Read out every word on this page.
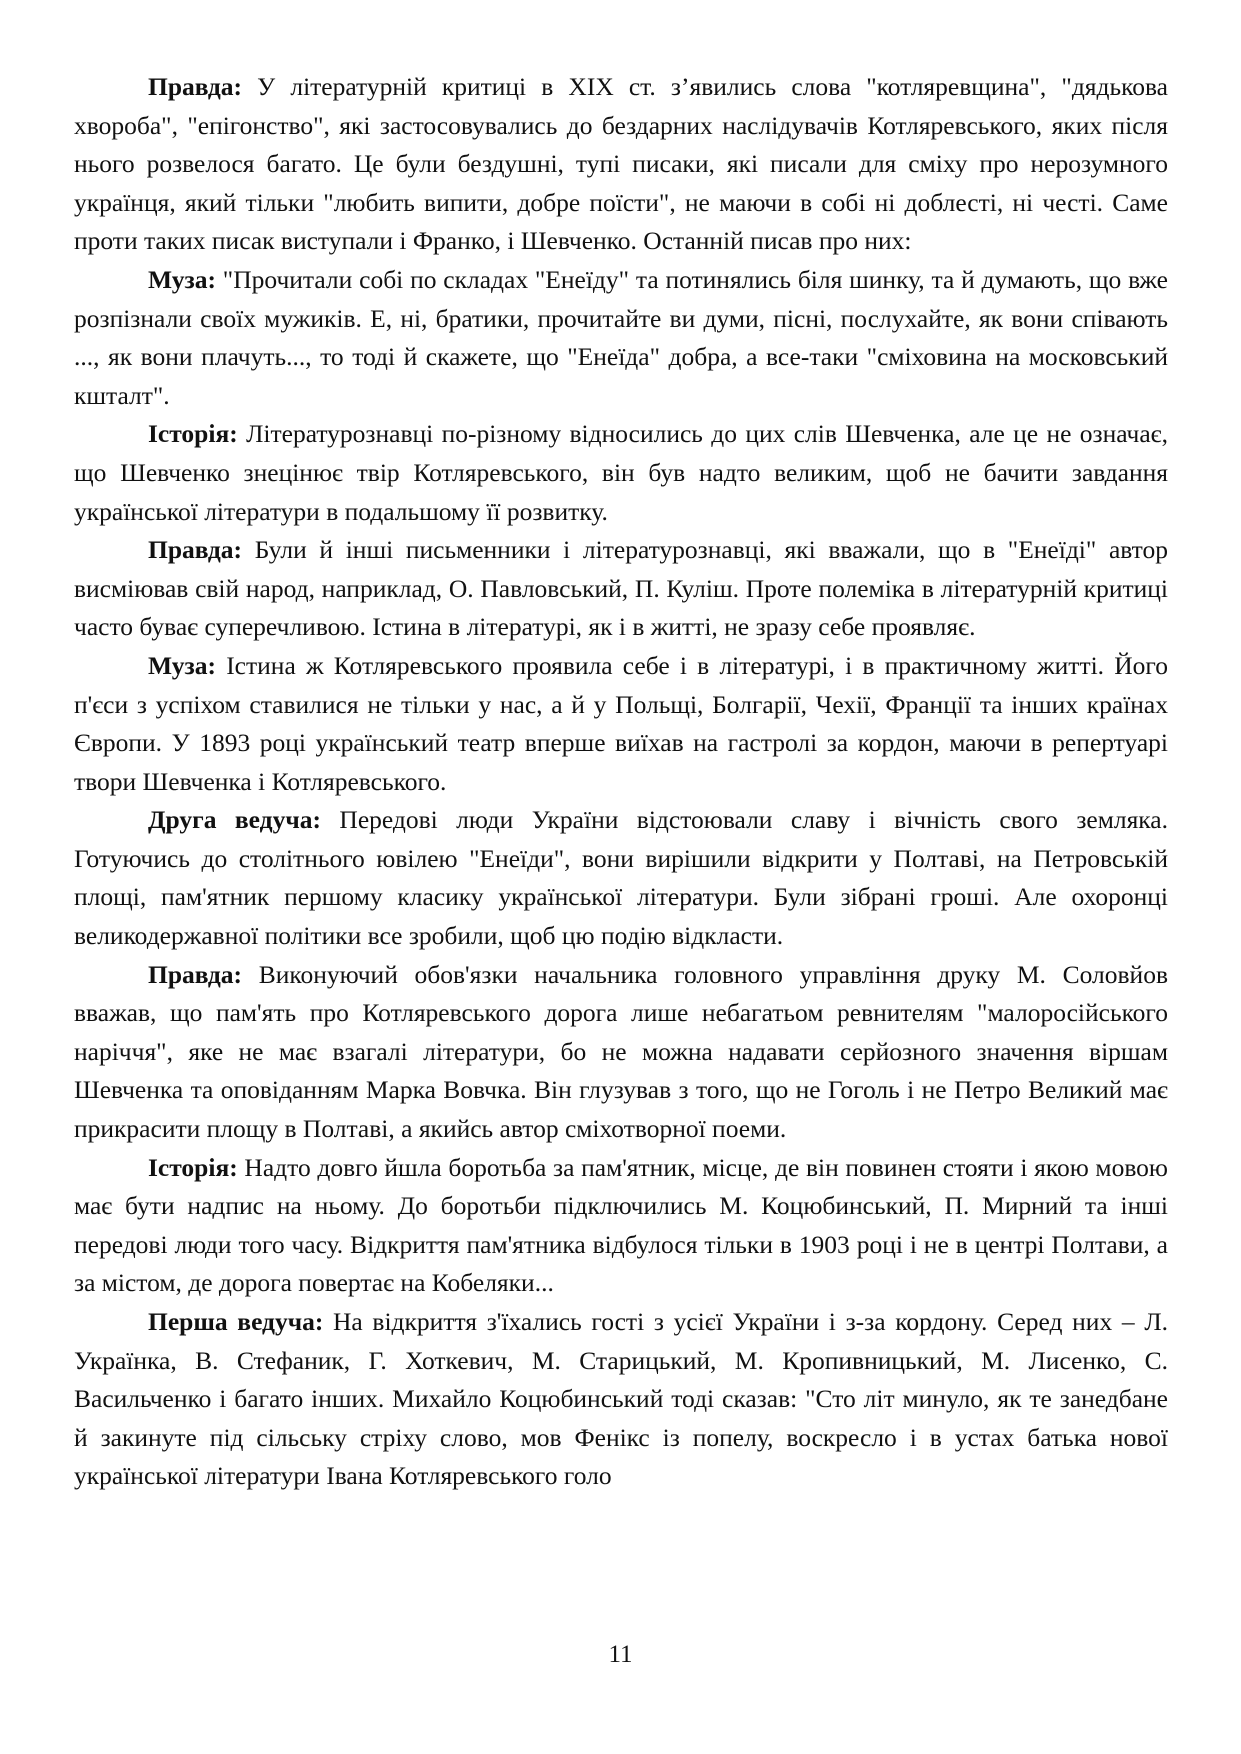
Правда: У літературній критиці в XIX ст. з’явились слова "котляревщина", "дядькова хвороба", "епігонство", які застосовувались до бездарних наслідувачів Котляревського, яких після нього розвелося багато. Це були бездушні, тупі писаки, які писали для сміху про нерозумного українця, який тільки "любить випити, добре поїсти", не маючи в собі ні доблесті, ні честі. Саме проти таких писак виступали і Франко, і Шевченко. Останній писав про них:

Муза: "Прочитали собі по складах "Енеїду" та потинялись біля шинку, та й думають, що вже розпізнали своїх мужиків. Е, ні, братики, прочитайте ви думи, пісні, послухайте, як вони співають ..., як вони плачуть..., то тоді й скажете, що "Енеїда" добра, а все-таки "сміховина на московський кшталт".

Історія: Літературознавці по-різному відносились до цих слів Шевченка, але це не означає, що Шевченко знецінює твір Котляревського, він був надто великим, щоб не бачити завдання української літератури в подальшому її розвитку.

Правда: Були й інші письменники і літературознавці, які вважали, що в "Енеїді" автор висміював свій народ, наприклад, О. Павловський, П. Куліш. Проте полеміка в літературній критиці часто буває суперечливою. Істина в літературі, як і в житті, не зразу себе проявляє.

Муза: Істина ж Котляревського проявила себе і в літературі, і в практичному житті. Його п'єси з успіхом ставилися не тільки у нас, а й у Польщі, Болгарії, Чехії, Франції та інших країнах Європи. У 1893 році український театр вперше виїхав на гастролі за кордон, маючи в репертуарі твори Шевченка і Котляревського.

Друга ведуча: Передові люди України відстоювали славу і вічність свого земляка. Готуючись до столітнього ювілею "Енеїди", вони вирішили відкрити у Полтаві, на Петровській площі, пам'ятник першому класику української літератури. Були зібрані гроші. Але охоронці великодержавної політики все зробили, щоб цю подію відкласти.

Правда: Виконуючий обов'язки начальника головного управління друку М. Соловйов вважав, що пам'ять про Котляревського дорога лише небагатьом ревнителям "малоросійського наріччя", яке не має взагалі літератури, бо не можна надавати серйозного значення віршам Шевченка та оповіданням Марка Вовчка. Він глузував з того, що не Гоголь і не Петро Великий має прикрасити площу в Полтаві, а якийсь автор сміхотворної поеми.

Історія: Надто довго йшла боротьба за пам'ятник, місце, де він повинен стояти і якою мовою має бути надпис на ньому. До боротьби підключились М. Коцюбинський, П. Мирний та інші передові люди того часу. Відкриття пам'ятника відбулося тільки в 1903 році і не в центрі Полтави, а за містом, де дорога повертає на Кобеляки...

Перша ведуча: На відкриття з'їхались гості з усієї України і з-за кордону. Серед них – Л. Українка, В. Стефаник, Г. Хоткевич, М. Старицький, М. Кропивницький, М. Лисенко, С. Васильченко і багато інших. Михайло Коцюбинський тоді сказав: "Сто літ минуло, як те занедбане й закинуте під сільську стріху слово, мов Фенікс із попелу, воскресло і в устах батька нової української літератури Івана Котляревського голо

11
